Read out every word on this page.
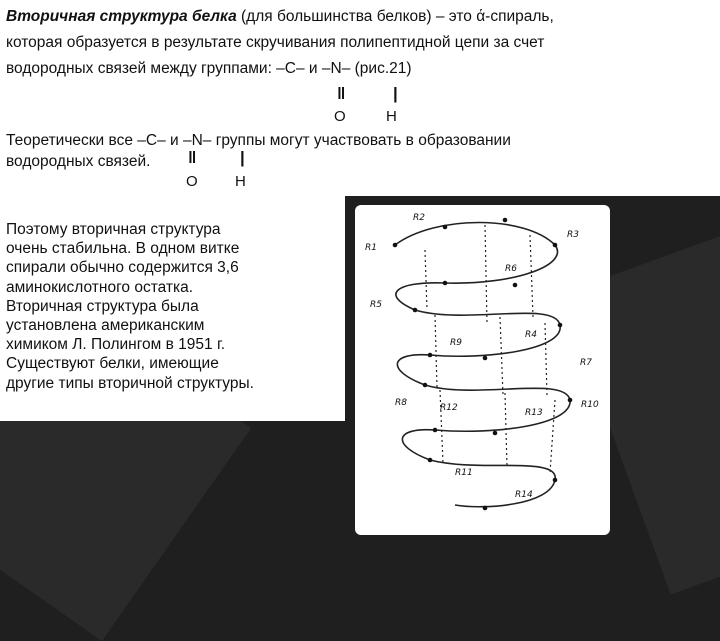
Вторичная структура белка (для большинства белков) – это ά-спираль,
которая образуется в результате скручивания полипептидной цепи за счет
водородных связей между группами: –C– и –N– (рис.21)
‖	|
O	H
Теоретически все –C– и –N– группы могут участвовать в образовании
водородных связей. ‖	|
O H
Поэтому вторичная структура
очень стабильна. В одном витке
спирали обычно содержится 3,6
аминокислотного остатка.
Вторичная структура была
установлена американским
химиком Л. Полингом в 1951 г.
Существуют белки, имеющие
другие типы вторичной структуры.
R2
R3
R5
R6
R4
R7
R9
R8	R10
R12	R13
R11
R14
R1
